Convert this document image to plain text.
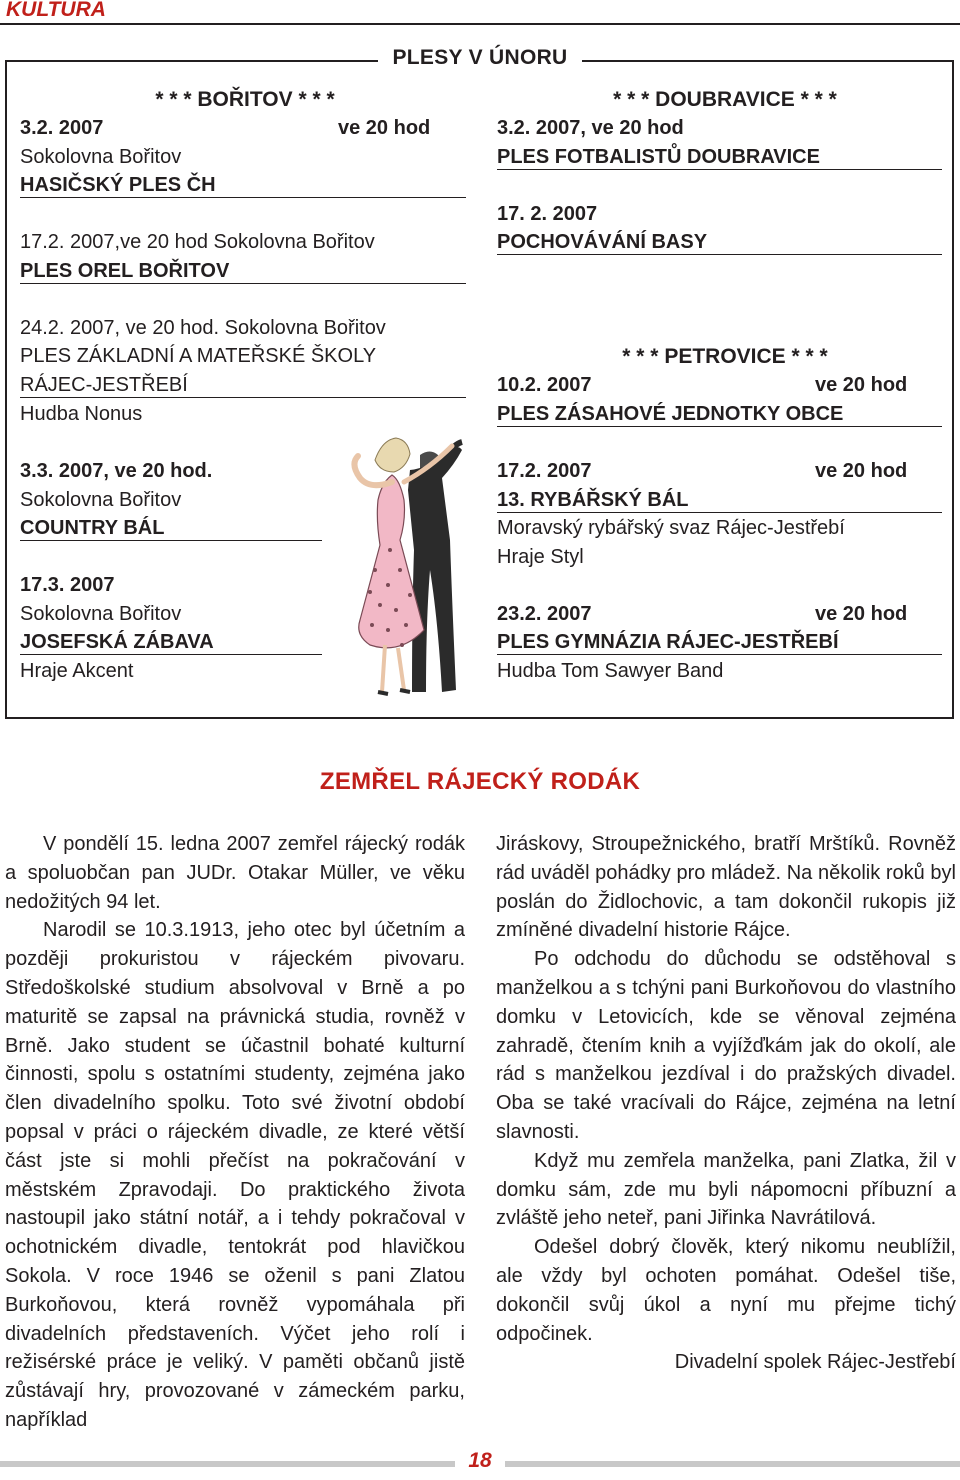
KULTURA
PLESY V ÚNORU
* * * BOŘITOV * * *
3.2. 2007	ve 20 hod
Sokolovna Bořitov
HASIČSKÝ PLES ČH
17.2. 2007,ve 20 hod Sokolovna Bořitov
PLES OREL BOŘITOV
24.2. 2007, ve 20 hod. Sokolovna Bořitov
PLES ZÁKLADNÍ A MATEŘSKÉ ŠKOLY
RÁJEC-JESTŘEBÍ
Hudba Nonus
3.3. 2007, ve 20 hod.
Sokolovna Bořitov
COUNTRY BÁL
17.3. 2007
Sokolovna Bořitov
JOSEFSKÁ ZÁBAVA
Hraje Akcent
* * * DOUBRAVICE * * *
3.2. 2007, ve 20 hod
PLES FOTBALISTŮ DOUBRAVICE
17. 2. 2007
POCHOVÁVÁNÍ BASY
* * * PETROVICE * * *
10.2. 2007	ve 20 hod
PLES ZÁSAHOVÉ JEDNOTKY OBCE
17.2. 2007	ve 20 hod
13. RYBÁŘSKÝ BÁL
Moravský rybářský svaz Rájec-Jestřebí
Hraje Styl
23.2. 2007	ve 20 hod
PLES GYMNÁZIA RÁJEC-JESTŘEBÍ
Hudba Tom Sawyer Band
ZEMŘEL RÁJECKÝ RODÁK

V pondělí 15. ledna 2007 zemřel rájecký rodák a spoluobčan pan JUDr. Otakar Müller, ve věku nedožitých 94 let.

Narodil se 10.3.1913, jeho otec byl účetním a později prokuristou v rájeckém pivovaru. Středoškolské studium absolvoval v Brně a po maturitě se zapsal na právnická studia, rovněž v Brně. Jako student se účastnil bohaté kulturní činnosti, spolu s ostatními studenty, zejména jako člen divadelního spolku. Toto své životní období popsal v práci o rájeckém divadle, ze které větší část jste si mohli přečíst na pokračování v městském Zpravodaji. Do praktického života nastoupil jako státní notář, a i tehdy pokračoval v ochotnickém divadle, tentokrát pod hlavičkou Sokola. V roce 1946 se oženil s pani Zlatou Burkoňovou, která rovněž vypomáhala při divadelních představeních. Výčet jeho rolí i režisérské práce je veliký. V paměti občanů jistě zůstávají hry, provozované v zámeckém parku, například

Jiráskovy, Stroupežnického, bratří Mrštíků. Rovněž rád uváděl pohádky pro mládež. Na několik roků byl poslán do Židlochovic, a tam dokončil rukopis již zmíněné divadelní historie Rájce.

Po odchodu do důchodu se odstěhoval s manželkou a s tchýni pani Burkoňovou do vlastního domku v Letovicích, kde se věnoval zejména zahradě, čtením knih a vyjížďkám jak do okolí, ale rád s manželkou jezdíval i do pražských divadel. Oba se také vracívali do Rájce, zejména na letní slavnosti.

Když mu zemřela manželka, pani Zlatka, žil v domku sám, zde mu byli nápomocni příbuzní a zvláště jeho neteř, pani Jiřinka Navrátilová.

Odešel dobrý člověk, který nikomu neublížil, ale vždy byl ochoten pomáhat. Odešel tiše, dokončil svůj úkol a nyní mu přejme tichý odpočinek.

Divadelní spolek Rájec-Jestřebí

18
